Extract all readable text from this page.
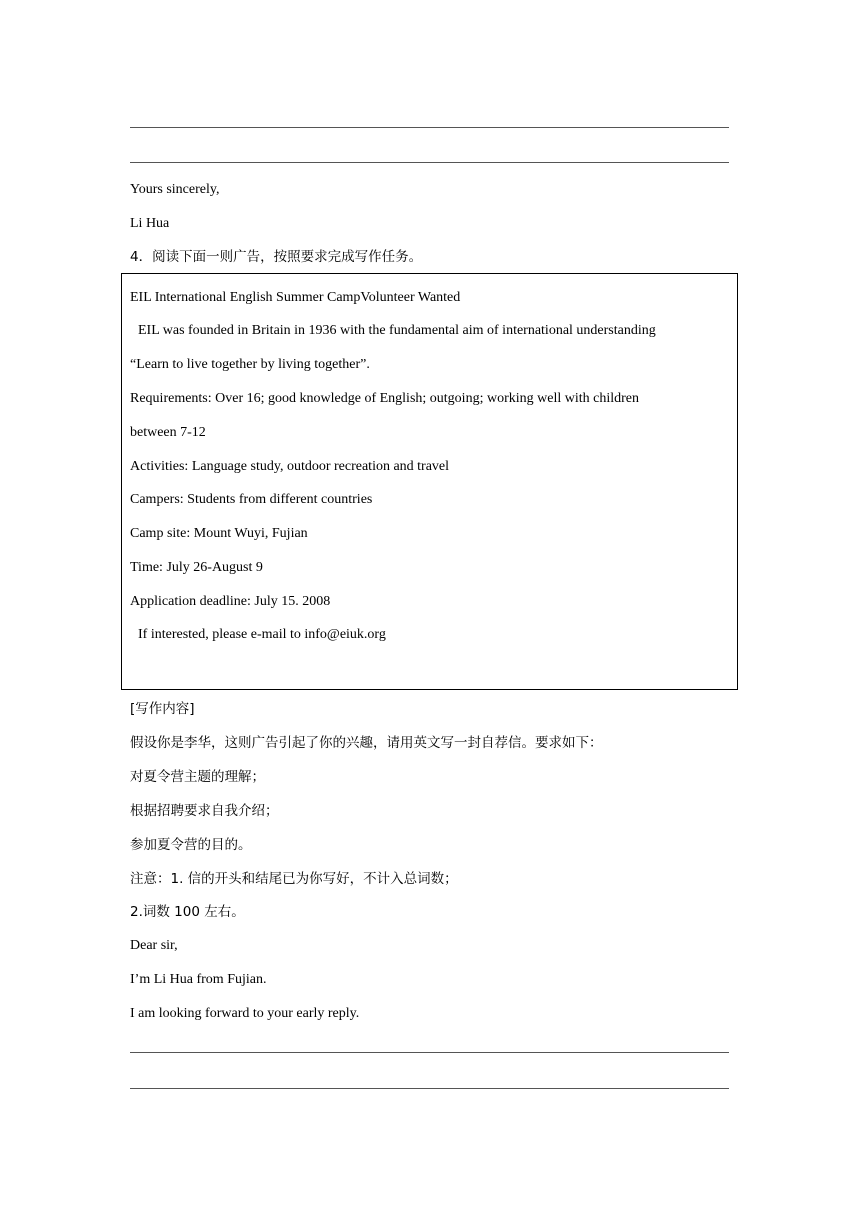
Yours sincerely,
Li Hua
4．阅读下面一则广告，按照要求完成写作任务。
EIL International English Summer CampVolunteer Wanted
EIL was founded in Britain in 1936 with the fundamental aim of international understanding
“Learn to live together by living together”.
Requirements: Over 16; good knowledge of English; outgoing; working well with children
between 7-12
Activities: Language study, outdoor recreation and travel
Campers: Students from different countries
Camp site: Mount Wuyi, Fujian
Time: July 26-August 9
Application deadline: July 15. 2008
If interested, please e-mail to info@eiuk.org
[写作内容]
假设你是李华，这则广告引起了你的兴趣，请用英文写一封自荐信。要求如下：
对夏令营主题的理解；
根据招聘要求自我介绍；
参加夏令营的目的。
注意：1. 信的开头和结尾已为你写好，不计入总词数；
2.词数 100 左右。
Dear sir,
I’m Li Hua from Fujian.
I am looking forward to your early reply.
